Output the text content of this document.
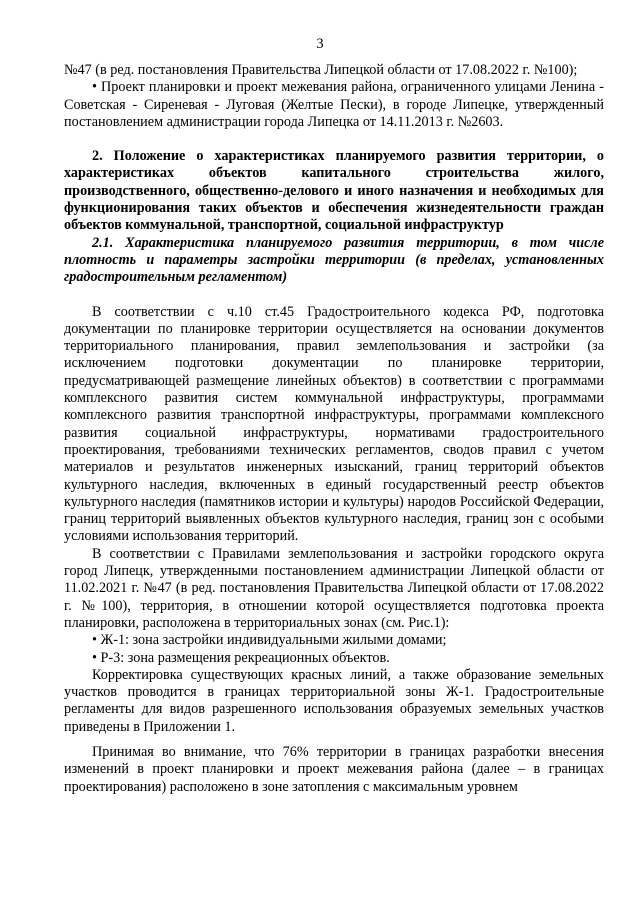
3

№47 (в ред. постановления Правительства Липецкой области от 17.08.2022 г. №100);

• Проект планировки и проект межевания района, ограниченного улицами Ленина - Советская - Сиреневая - Луговая (Желтые Пески), в городе Липецке, утвержденный постановлением администрации города Липецка от 14.11.2013 г. №2603.

2. Положение о характеристиках планируемого развития территории, о характеристиках объектов капитального строительства жилого, производственного, общественно-делового и иного назначения и необходимых для функционирования таких объектов и обеспечения жизнедеятельности граждан объектов коммунальной, транспортной, социальной инфраструктур

2.1. Характеристика планируемого развития территории, в том числе плотность и параметры застройки территории (в пределах, установленных градостроительным регламентом)

В соответствии с ч.10 ст.45 Градостроительного кодекса РФ, подготовка документации по планировке территории осуществляется на основании документов территориального планирования, правил землепользования и застройки (за исключением подготовки документации по планировке территории, предусматривающей размещение линейных объектов) в соответствии с программами комплексного развития систем коммунальной инфраструктуры, программами комплексного развития транспортной инфраструктуры, программами комплексного развития социальной инфраструктуры, нормативами градостроительного проектирования, требованиями технических регламентов, сводов правил с учетом материалов и результатов инженерных изысканий, границ территорий объектов культурного наследия, включенных в единый государственный реестр объектов культурного наследия (памятников истории и культуры) народов Российской Федерации, границ территорий выявленных объектов культурного наследия, границ зон с особыми условиями использования территорий.

В соответствии с Правилами землепользования и застройки городского округа город Липецк, утвержденными постановлением администрации Липецкой области от 11.02.2021 г. №47 (в ред. постановления Правительства Липецкой области от 17.08.2022 г. №100), территория, в отношении которой осуществляется подготовка проекта планировки, расположена в территориальных зонах (см. Рис.1):

• Ж-1: зона застройки индивидуальными жилыми домами;

• Р-3: зона размещения рекреационных объектов.

Корректировка существующих красных линий, а также образование земельных участков проводится в границах территориальной зоны Ж-1. Градостроительные регламенты для видов разрешенного использования образуемых земельных участков приведены в Приложении 1.

Принимая во внимание, что 76% территории в границах разработки внесения изменений в проект планировки и проект межевания района (далее – в границах проектирования) расположено в зоне затопления с максимальным уровнем
